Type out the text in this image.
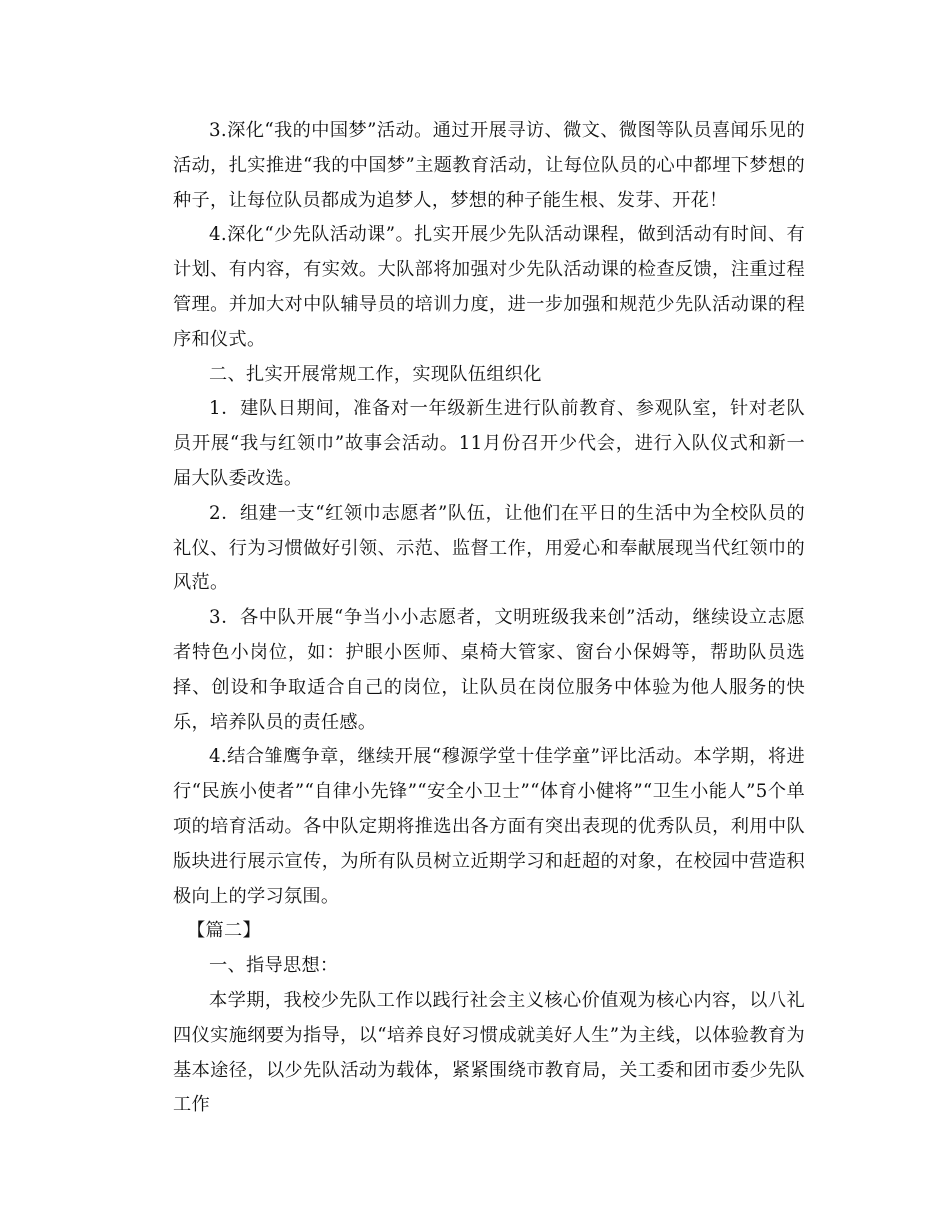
3.深化“我的中国梦”活动。通过开展寻访、微文、微图等队员喜闻乐见的活动，扎实推进“我的中国梦”主题教育活动，让每位队员的心中都埋下梦想的种子，让每位队员都成为追梦人，梦想的种子能生根、发芽、开花！

4.深化“少先队活动课”。扎实开展少先队活动课程，做到活动有时间、有计划、有内容，有实效。大队部将加强对少先队活动课的检查反馈，注重过程管理。并加大对中队辅导员的培训力度，进一步加强和规范少先队活动课的程序和仪式。

二、扎实开展常规工作，实现队伍组织化

1．建队日期间，准备对一年级新生进行队前教育、参观队室，针对老队员开展“我与红领巾”故事会活动。11月份召开少代会，进行入队仪式和新一届大队委改选。

2．组建一支“红领巾志愿者”队伍，让他们在平日的生活中为全校队员的礼仪、行为习惯做好引领、示范、监督工作，用爱心和奉献展现当代红领巾的风范。

3．各中队开展“争当小小志愿者，文明班级我来创”活动，继续设立志愿者特色小岗位，如：护眼小医师、桌椅大管家、窗台小保姆等，帮助队员选择、创设和争取适合自己的岗位，让队员在岗位服务中体验为他人服务的快乐，培养队员的责任感。

4.结合雏鹰争章，继续开展“穆源学堂十佳学童”评比活动。本学期，将进行“民族小使者”“自律小先锋”“安全小卫士”“体育小健将”“卫生小能人”5个单项的培育活动。各中队定期将推选出各方面有突出表现的优秀队员，利用中队版块进行展示宣传，为所有队员树立近期学习和赶超的对象，在校园中营造积极向上的学习氛围。

【篇二】

一、指导思想：

本学期，我校少先队工作以践行社会主义核心价值观为核心内容，以八礼四仪实施纲要为指导，以“培养良好习惯成就美好人生”为主线，以体验教育为基本途径，以少先队活动为载体，紧紧围绕市教育局，关工委和团市委少先队工作
